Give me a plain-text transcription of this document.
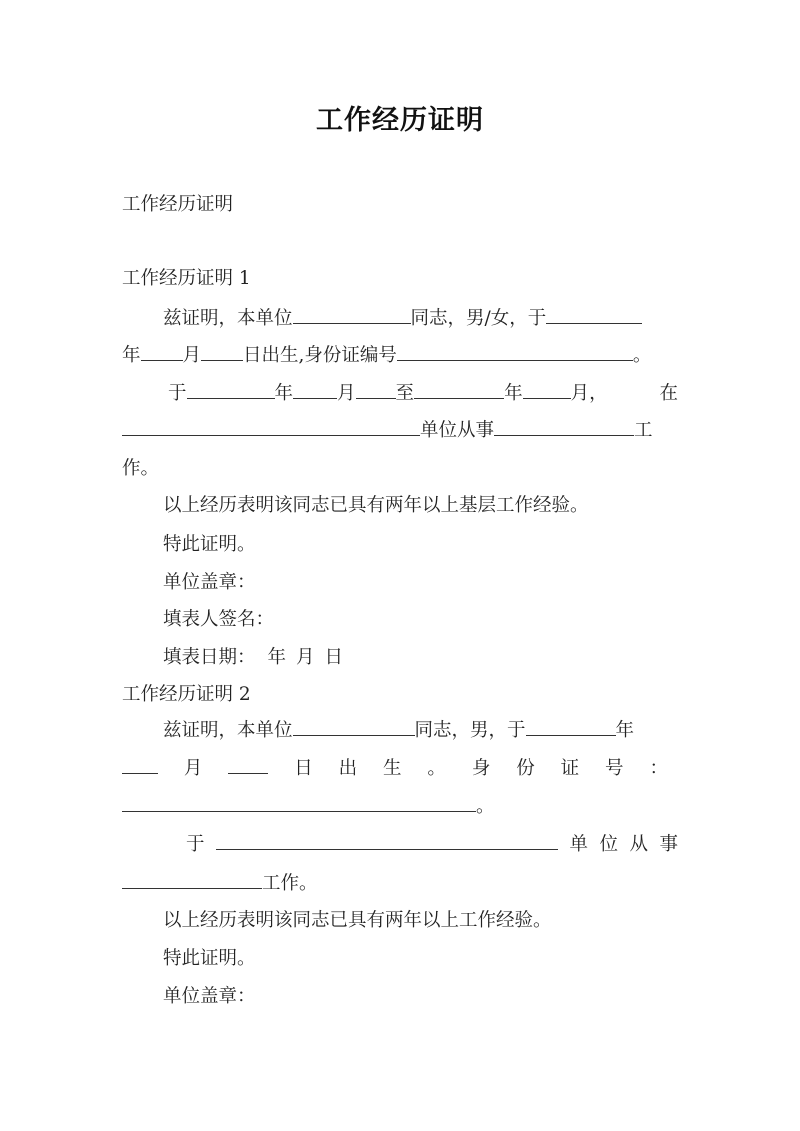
工作经历证明
工作经历证明
工作经历证明 1
兹证明，本单位	同志，男/女，于
年 月 日出生,身份证编号	。
于	年 月 至	年	月，	在
单位从事	工
作。
以上经历表明该同志已具有两年以上基层工作经验。
特此证明。
单位盖章：
填表人签名：
填表日期： 年 月 日
工作经历证明 2
兹证明，本单位	同志，男，于	年
月	日 出 生 。 身 份 证 号 ：
。
于	单 位 从 事
工作。
以上经历表明该同志已具有两年以上工作经验。
特此证明。
单位盖章：
